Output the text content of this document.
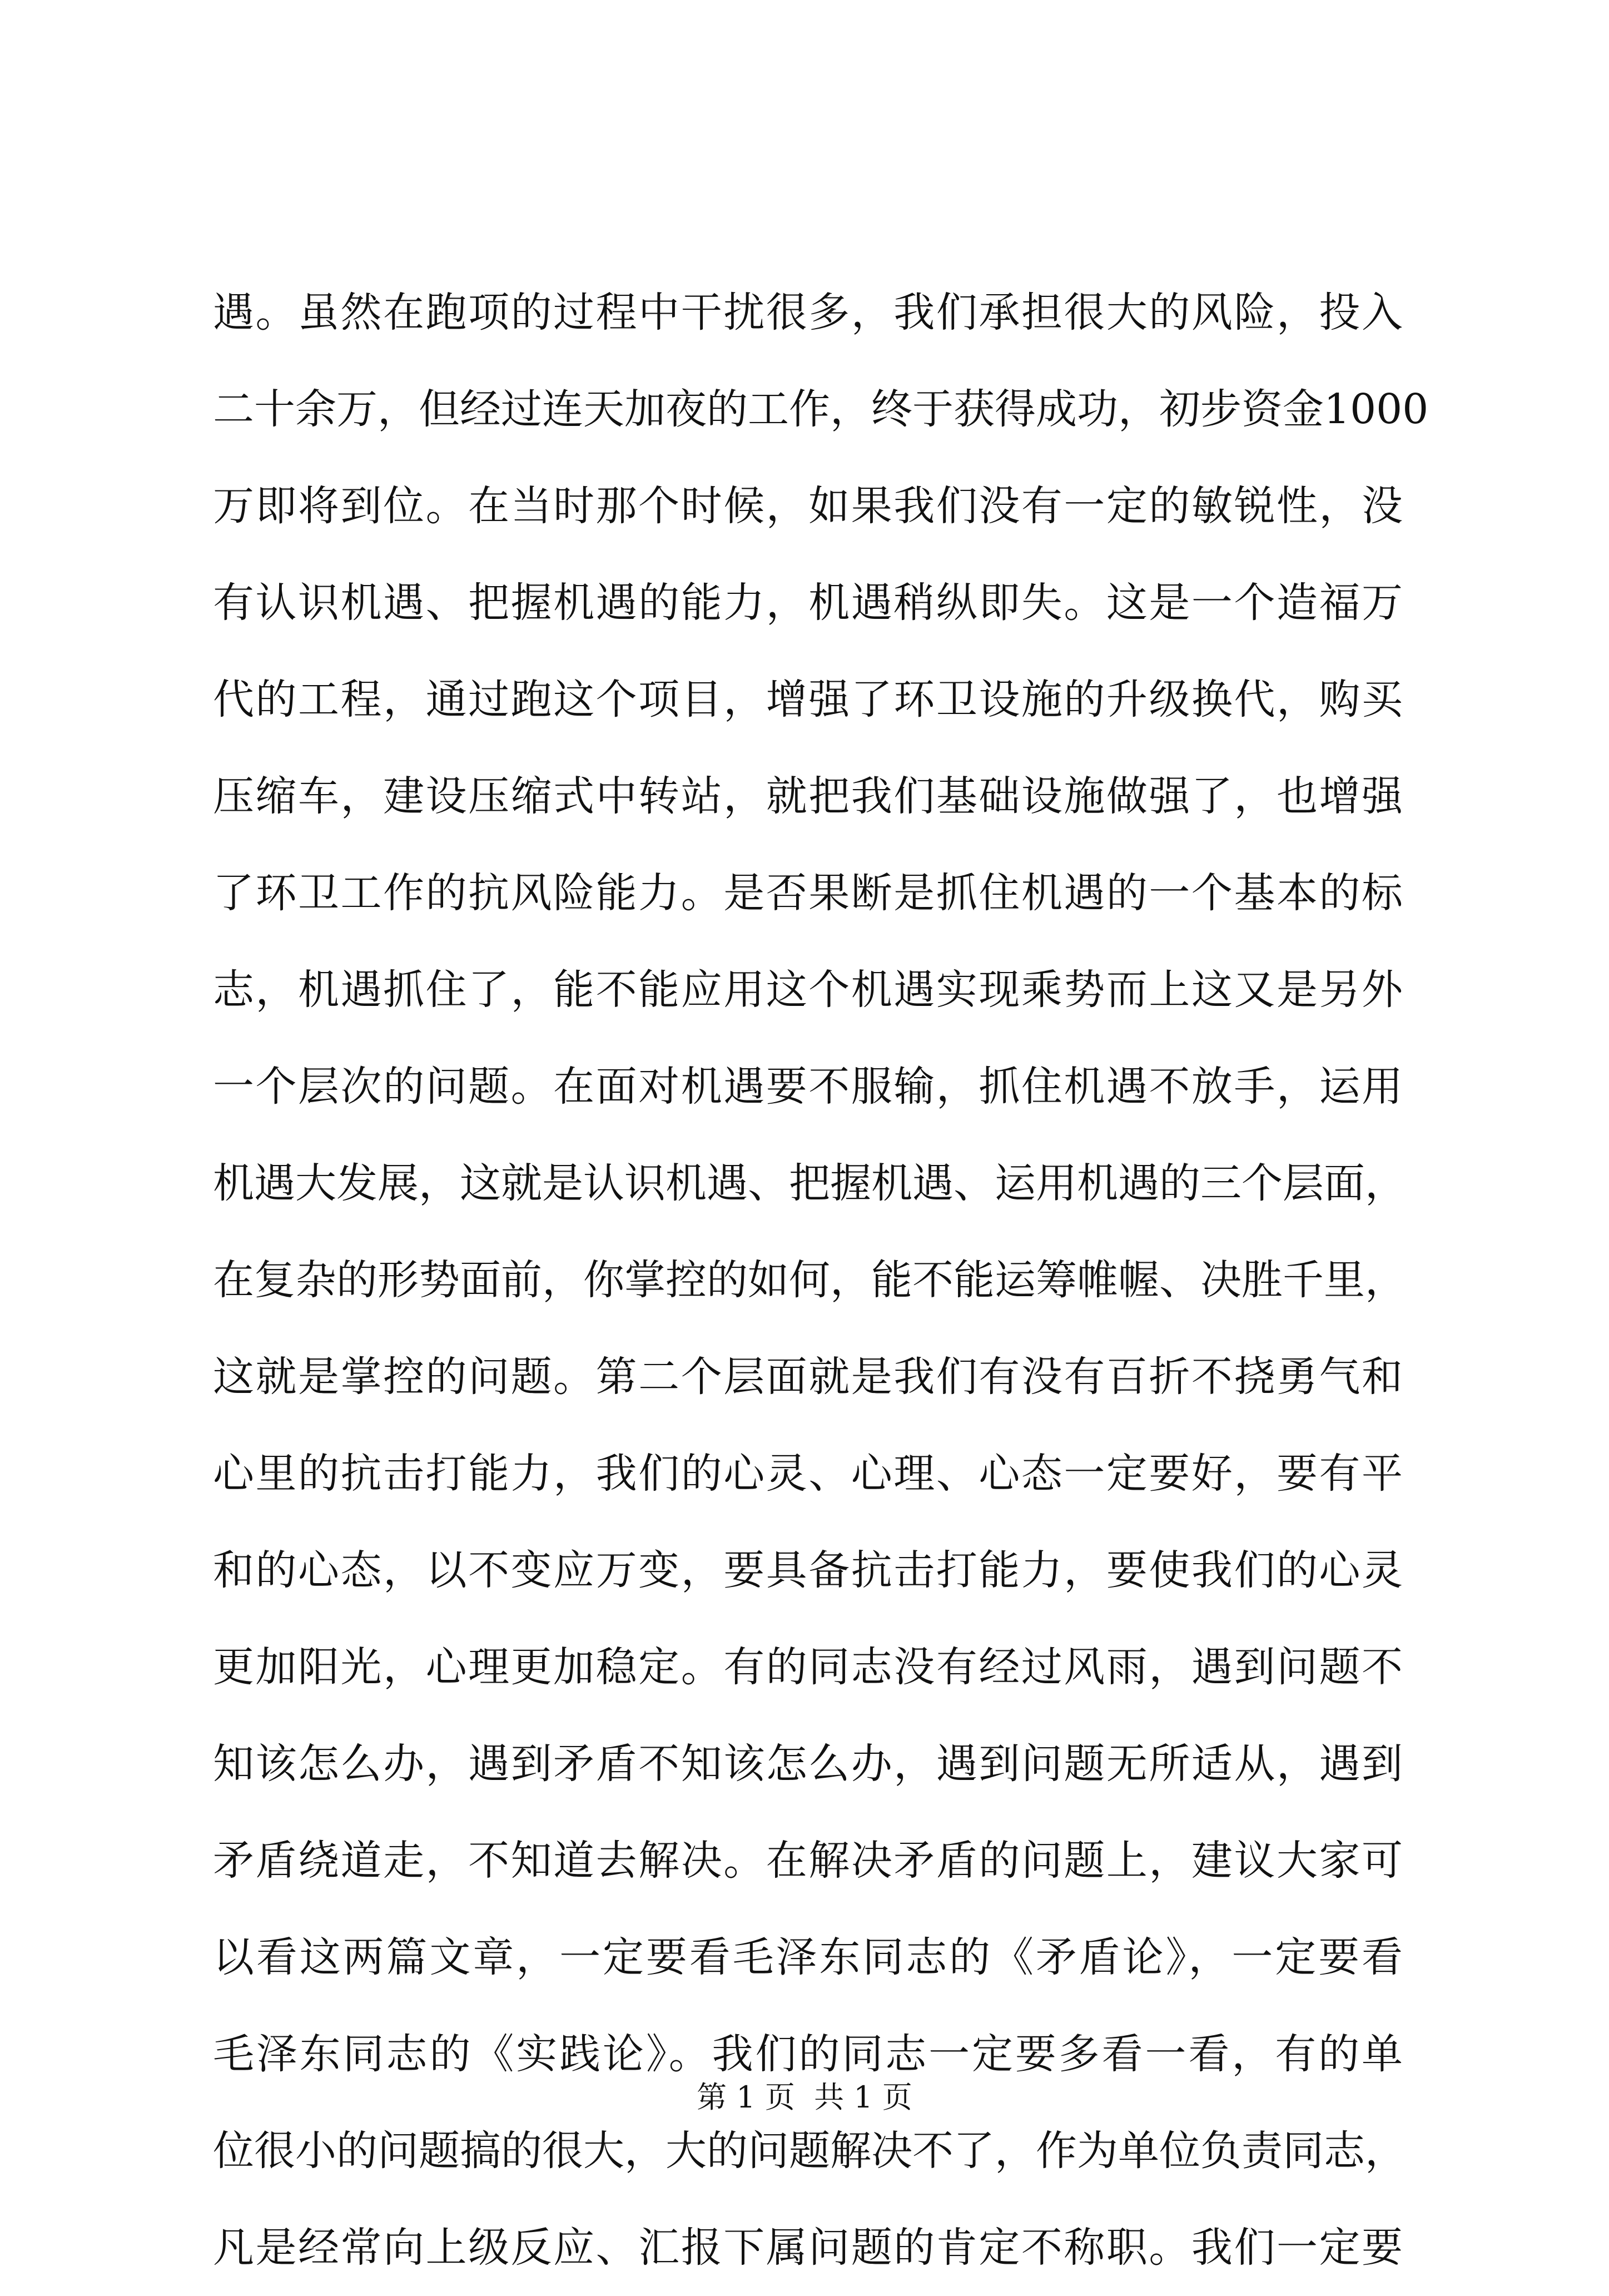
遇。虽然在跑项的过程中干扰很多，我们承担很大的风险，投入
二十余万，但经过连天加夜的工作，终于获得成功，初步资金1000
万即将到位。在当时那个时候，如果我们没有一定的敏锐性，没
有认识机遇、把握机遇的能力，机遇稍纵即失。这是一个造福万
代的工程，通过跑这个项目，增强了环卫设施的升级换代，购买
压缩车，建设压缩式中转站，就把我们基础设施做强了，也增强
了环卫工作的抗风险能力。是否果断是抓住机遇的一个基本的标
志，机遇抓住了，能不能应用这个机遇实现乘势而上这又是另外
一个层次的问题。在面对机遇要不服输，抓住机遇不放手，运用
机遇大发展，这就是认识机遇、把握机遇、运用机遇的三个层面，
在复杂的形势面前，你掌控的如何，能不能运筹帷幄、决胜千里，
这就是掌控的问题。第二个层面就是我们有没有百折不挠勇气和
心里的抗击打能力，我们的心灵、心理、心态一定要好，要有平
和的心态，以不变应万变，要具备抗击打能力，要使我们的心灵
更加阳光，心理更加稳定。有的同志没有经过风雨，遇到问题不
知该怎么办，遇到矛盾不知该怎么办，遇到问题无所适从，遇到
矛盾绕道走，不知道去解决。在解决矛盾的问题上，建议大家可
以看这两篇文章，一定要看毛泽东同志的《矛盾论》，一定要看
毛泽东同志的《实践论》。我们的同志一定要多看一看，有的单
位很小的问题搞的很大，大的问题解决不了，作为单位负责同志，
凡是经常向上级反应、汇报下属问题的肯定不称职。我们一定要
第 1 页  共 1 页
